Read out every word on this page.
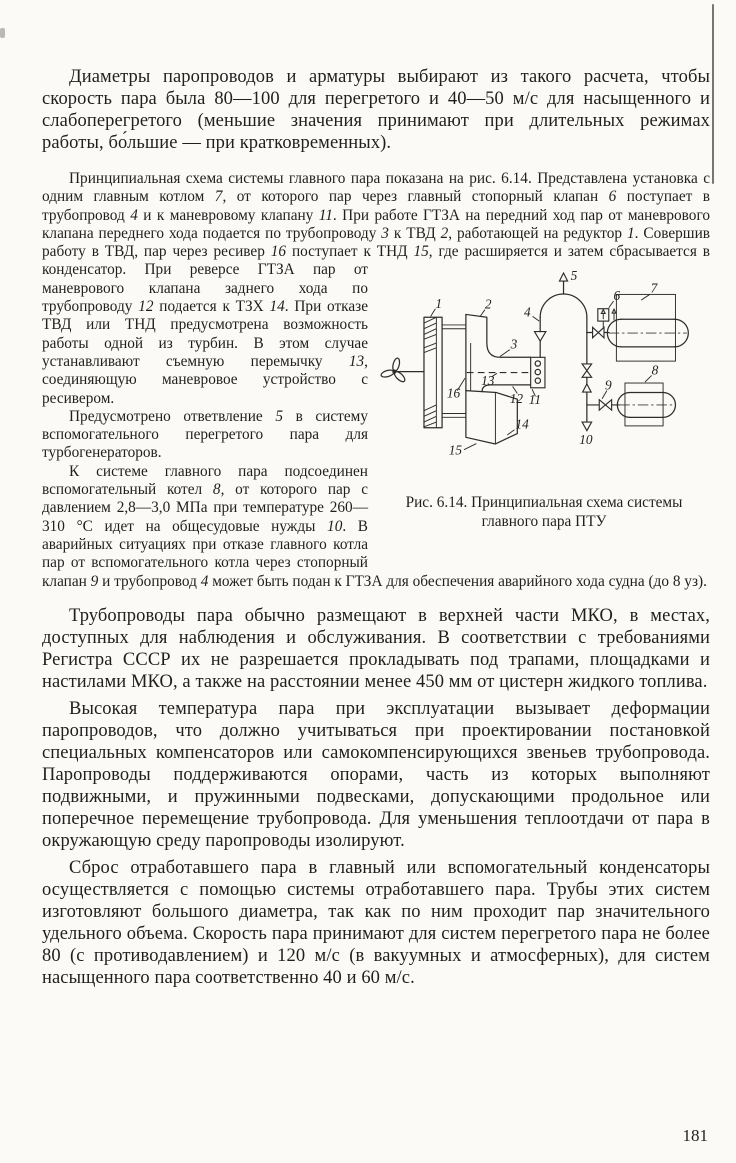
Диаметры паропроводов и арматуры выбирают из такого расчета, чтобы скорость пара была 80—100 для перегретого и 40—50 м/с для насыщенного и слабоперегретого (меньшие значения принимают при длительных режимах работы, бо́льшие — при кратковременных).

Принципиальная схема системы главного пара показана на рис. 6.14. Представлена установка с одним главным котлом 7, от которого пар через главный стопорный клапан 6 поступает в трубопровод 4 и к маневровому клапану 11. При работе ГТЗА на передний ход пар от маневрового клапана переднего хода подается по трубопроводу 3 к ТВД 2, работающей на редуктор 1. Совершив работу в ТВД, пар через ресивер 16 поступает к ТНД 15, где расширяется и затем сбрасывается в конденсатор. При реверсе ГТЗА пар от
1	2
3
4
5
6
7
8
9
10
11
12
13
14
15
16
Рис. 6.14. Принципиальная схема системы главного пара ПТУ
маневрового клапана заднего хода по трубопроводу 12 подается к ТЗХ 14. При отказе ТВД или ТНД предусмотрена возможность работы одной из турбин. В этом случае устанавливают съемную перемычку 13, соединяющую маневровое устройство с ресивером.

Предусмотрено ответвление 5 в систему вспомогательного перегретого пара для турбогенераторов.

К системе главного пара подсоединен вспомогательный котел 8, от которого пар с давлением 2,8—3,0 МПа при температуре 260—310 °С идет на общесудовые нужды 10. В аварийных ситуациях при отказе главного котла пар от вспомогательного котла через стопорный клапан 9 и трубопровод 4 может быть подан к ГТЗА для обеспечения аварийного хода судна (до 8 уз).

Трубопроводы пара обычно размещают в верхней части МКО, в местах, доступных для наблюдения и обслуживания. В соответствии с требованиями Регистра СССР их не разрешается прокладывать под трапами, площадками и настилами МКО, а также на расстоянии менее 450 мм от цистерн жидкого топлива.

Высокая температура пара при эксплуатации вызывает деформации паропроводов, что должно учитываться при проектировании постановкой специальных компенсаторов или самокомпенсирующихся звеньев трубопровода. Паропроводы поддерживаются опорами, часть из которых выполняют подвижными, и пружинными подвесками, допускающими продольное или поперечное перемещение трубопровода. Для уменьшения теплоотдачи от пара в окружающую среду паропроводы изолируют.

Сброс отработавшего пара в главный или вспомогательный конденсаторы осуществляется с помощью системы отработавшего пара. Трубы этих систем изготовляют большого диаметра, так как по ним проходит пар значительного удельного объема. Скорость пара принимают для систем перегретого пара не более 80 (с противодавлением) и 120 м/с (в вакуумных и атмосферных), для систем насыщенного пара соответственно 40 и 60 м/с.

181
